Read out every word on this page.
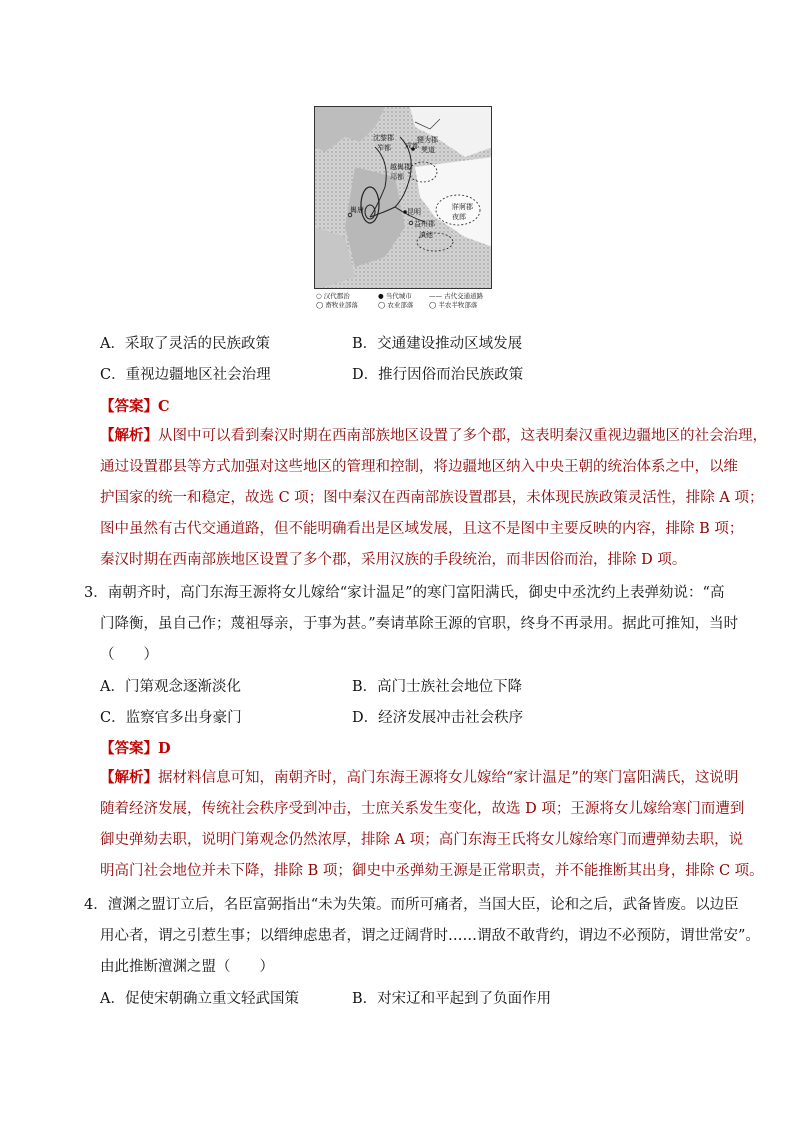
成都
沈黎郡
笮都
犍为郡
僰道
越嶲郡
邛都
牂牁郡
夜郎
昆明
益州郡
滇池
嶲唐
○ 汉代郡治	● 当代城市	—— 古代交通道路
◯ 畜牧业部落	◯ 农业部落 ◯ 半农半牧部落
A．采取了灵活的民族政策	B．交通建设推动区域发展
C．重视边疆地区社会治理	D．推行因俗而治民族政策
【答案】C
【解析】从图中可以看到秦汉时期在西南部族地区设置了多个郡，这表明秦汉重视边疆地区的社会治理，
通过设置郡县等方式加强对这些地区的管理和控制，将边疆地区纳入中央王朝的统治体系之中，以维
护国家的统一和稳定，故选 C 项；图中秦汉在西南部族设置郡县，未体现民族政策灵活性，排除 A 项；
图中虽然有古代交通道路，但不能明确看出是区域发展，且这不是图中主要反映的内容，排除 B 项；
秦汉时期在西南部族地区设置了多个郡，采用汉族的手段统治，而非因俗而治，排除 D 项。
3．南朝齐时，高门东海王源将女儿嫁给“家计温足”的寒门富阳满氏，御史中丞沈约上表弹劾说：“高
门降衡，虽自己作；蔑祖辱亲，于事为甚。”奏请革除王源的官职，终身不再录用。据此可推知，当时
（　　）
A．门第观念逐渐淡化	B．高门士族社会地位下降
C．监察官多出身豪门	D．经济发展冲击社会秩序
【答案】D
【解析】据材料信息可知，南朝齐时，高门东海王源将女儿嫁给“家计温足”的寒门富阳满氏，这说明
随着经济发展，传统社会秩序受到冲击，士庶关系发生变化，故选 D 项；王源将女儿嫁给寒门而遭到
御史弹劾去职，说明门第观念仍然浓厚，排除 A 项；高门东海王氏将女儿嫁给寒门而遭弹劾去职，说
明高门社会地位并未下降，排除 B 项；御史中丞弹劾王源是正常职责，并不能推断其出身，排除 C 项。
4．澶渊之盟订立后，名臣富弼指出“未为失策。而所可痛者，当国大臣，论和之后，武备皆废。以边臣
用心者，谓之引惹生事；以缙绅虑患者，谓之迂阔背时……谓敌不敢背约，谓边不必预防，谓世常安”。
由此推断澶渊之盟（　　）
A．促使宋朝确立重文轻武国策	B．对宋辽和平起到了负面作用
